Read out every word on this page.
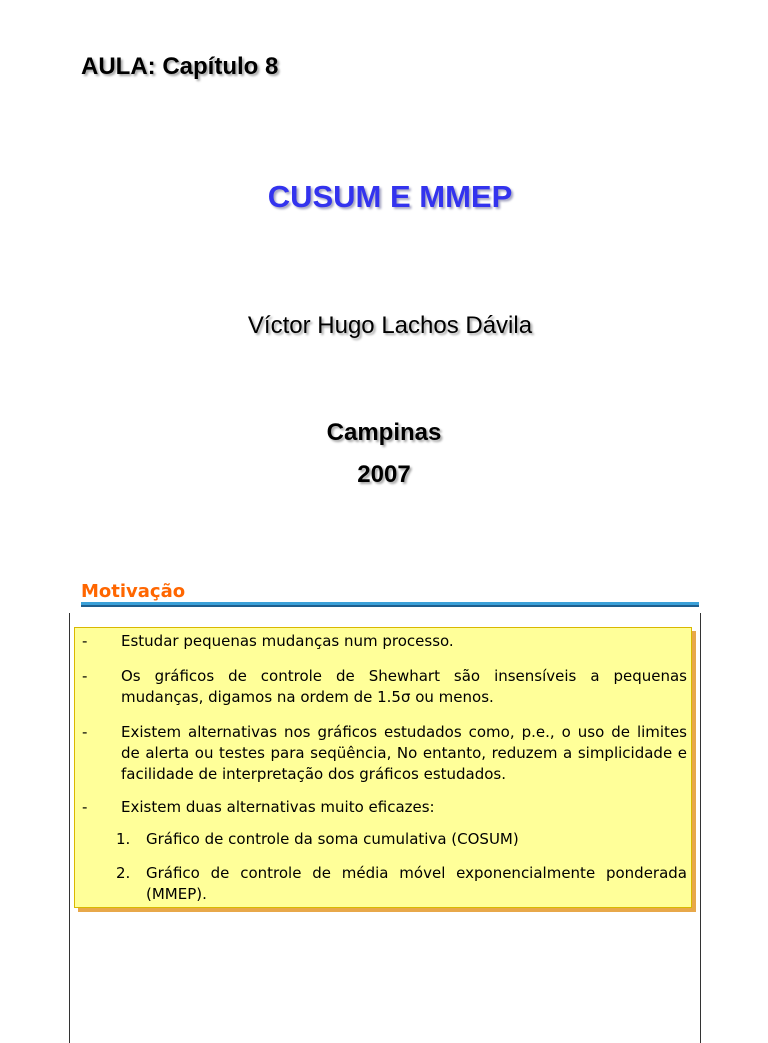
AULA: Capítulo 8
CUSUM E MMEP
Víctor Hugo Lachos Dávila
Campinas
2007
Motivação
- Estudar pequenas mudanças num processo.
- Os gráficos de controle de Shewhart são insensíveis a pequenas mudanças, digamos na ordem de 1.5σ ou menos.
- Existem alternativas nos gráficos estudados como, p.e., o uso de limites de alerta ou testes para seqüência, No entanto, reduzem a simplicidade e facilidade de interpretação dos gráficos estudados.
- Existem duas alternativas muito eficazes:
1. Gráfico de controle da soma cumulativa (COSUM)
2. Gráfico de controle de média móvel exponencialmente ponderada (MMEP).
